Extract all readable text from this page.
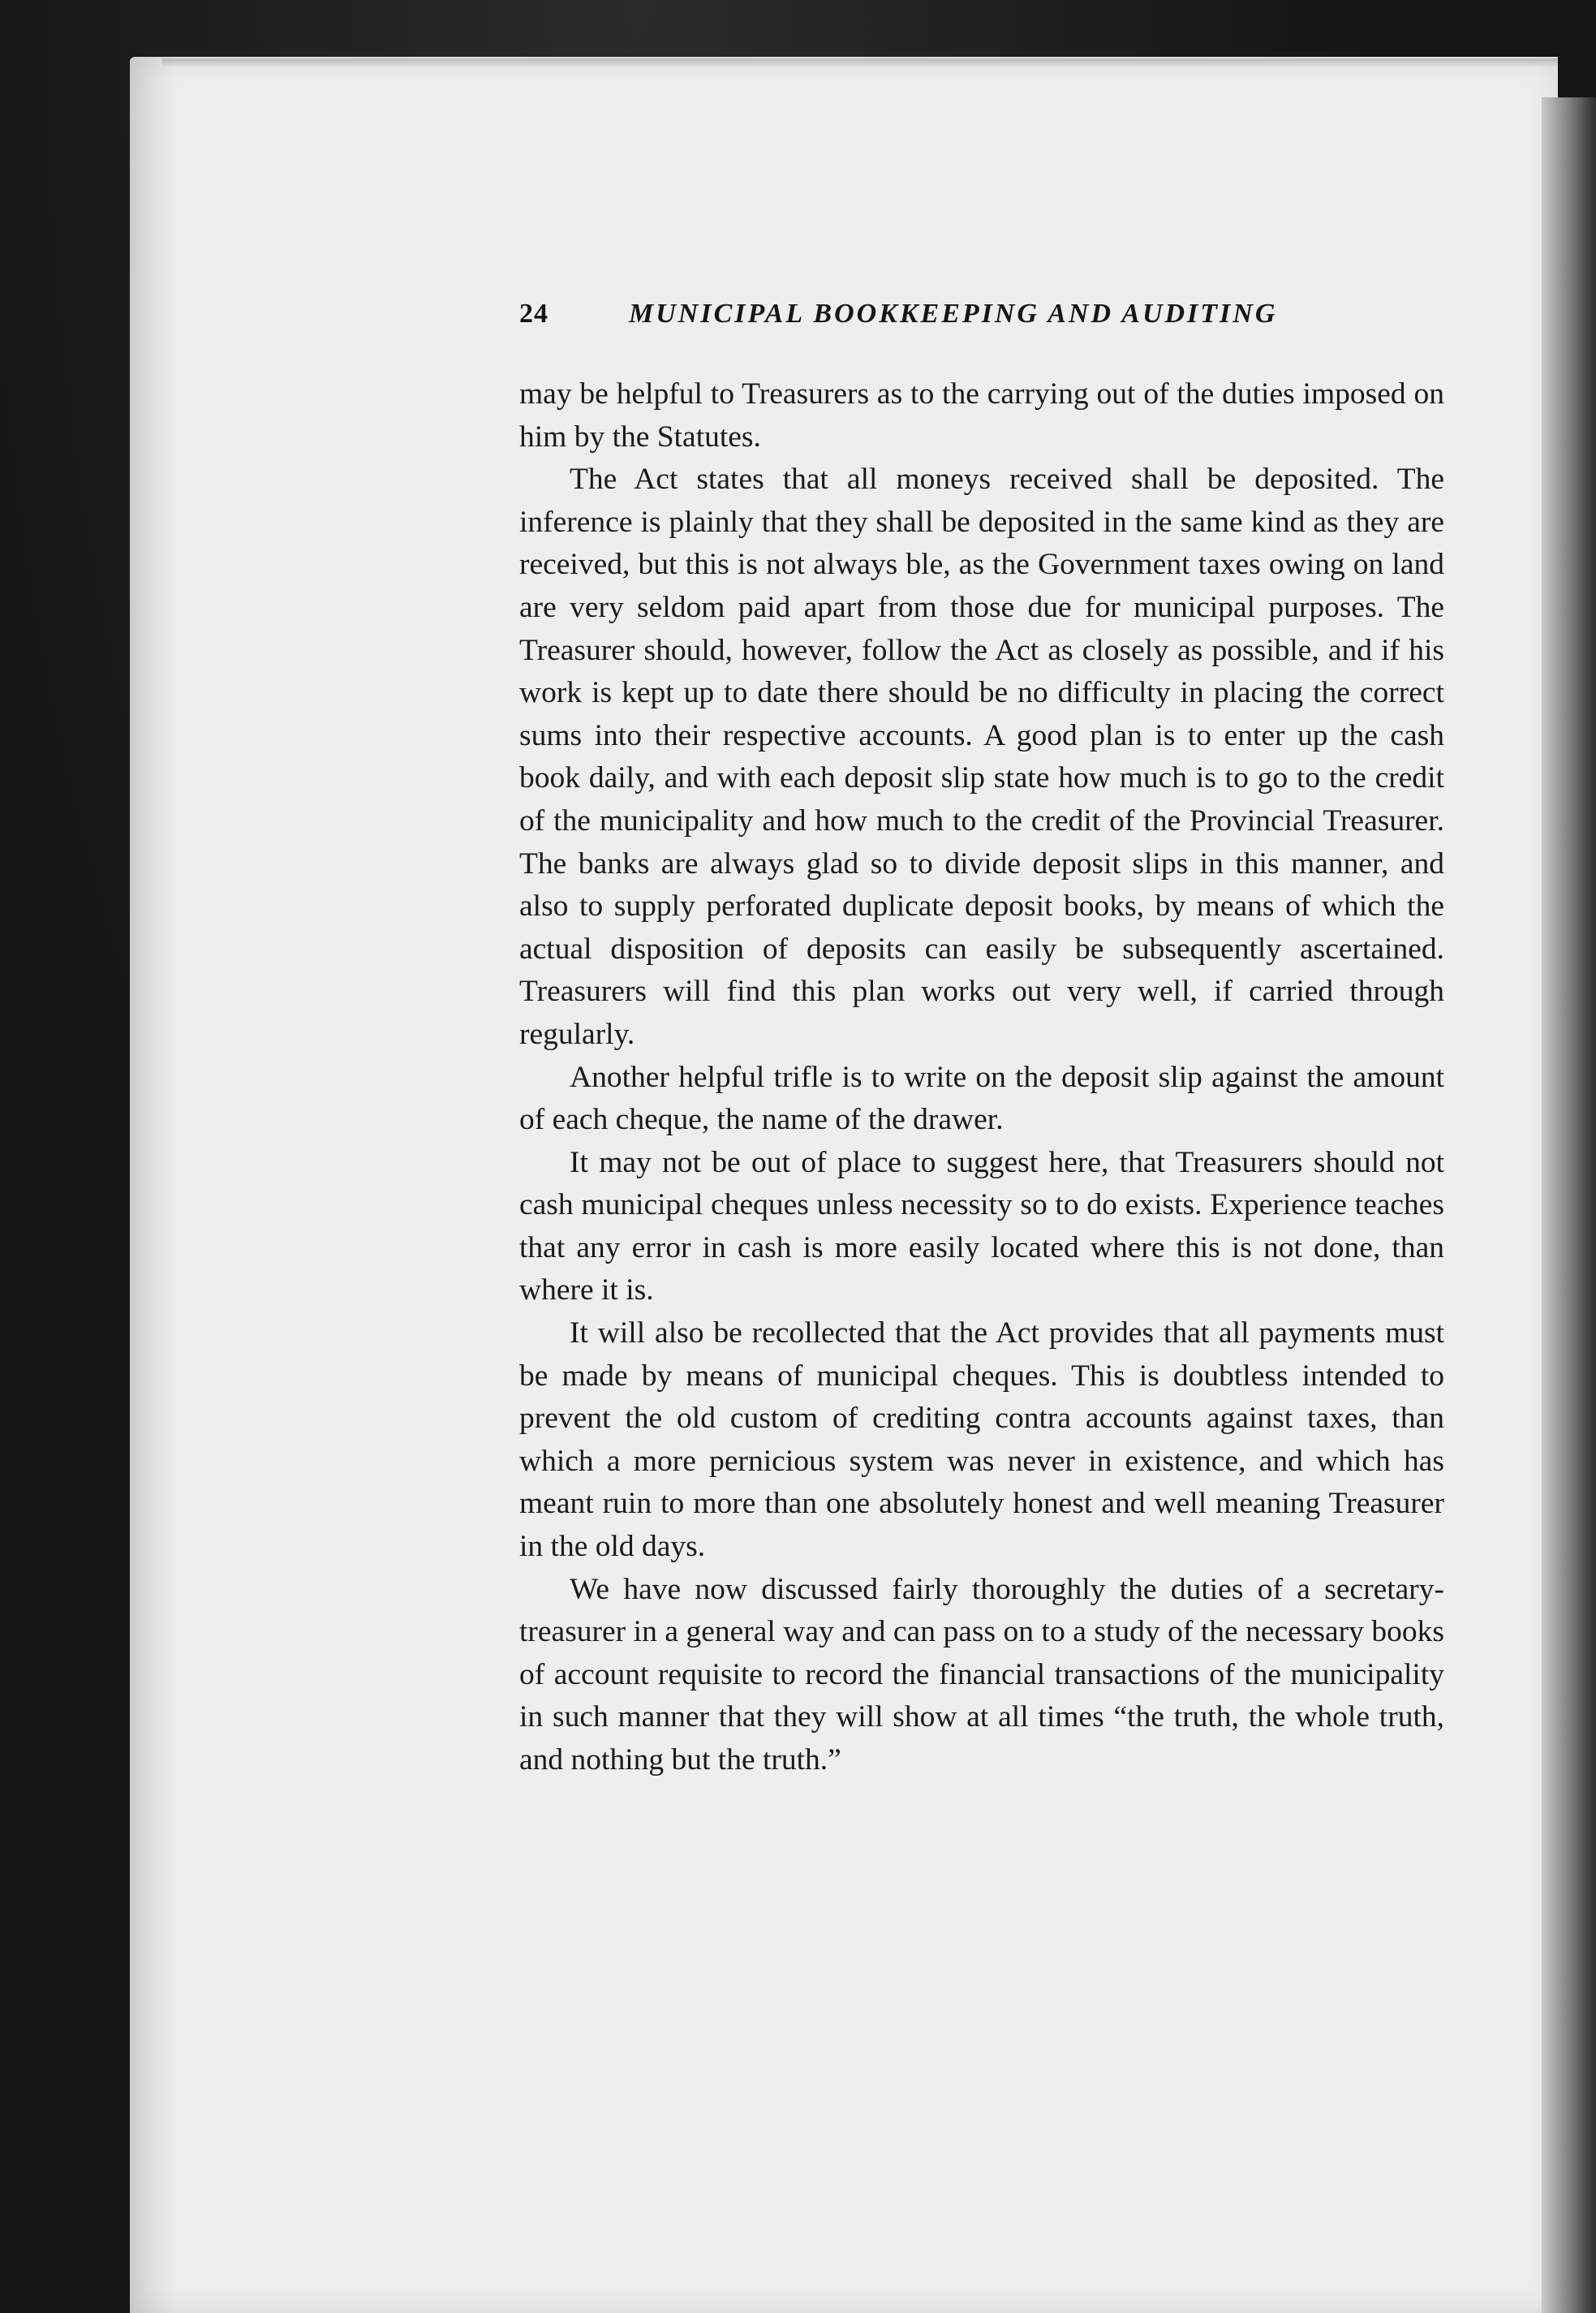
24	MUNICIPAL BOOKKEEPING AND AUDITING

may be helpful to Treasurers as to the carrying out of the duties imposed on him by the Statutes.

The Act states that all moneys received shall be deposited. The inference is plainly that they shall be deposited in the same kind as they are received, but this is not always ble, as the Government taxes owing on land are very seldom paid apart from those due for municipal purposes. The Treasurer should, however, follow the Act as closely as possible, and if his work is kept up to date there should be no difficulty in placing the correct sums into their respective accounts. A good plan is to enter up the cash book daily, and with each deposit slip state how much is to go to the credit of the municipality and how much to the credit of the Provincial Treasurer. The banks are always glad so to divide deposit slips in this manner, and also to supply perforated duplicate deposit books, by means of which the actual disposition of deposits can easily be subsequently ascertained. Treasurers will find this plan works out very well, if carried through regularly.

Another helpful trifle is to write on the deposit slip against the amount of each cheque, the name of the drawer.

It may not be out of place to suggest here, that Treasurers should not cash municipal cheques unless necessity so to do exists. Experience teaches that any error in cash is more easily located where this is not done, than where it is.

It will also be recollected that the Act provides that all payments must be made by means of municipal cheques. This is doubtless intended to prevent the old custom of crediting contra accounts against taxes, than which a more pernicious system was never in existence, and which has meant ruin to more than one absolutely honest and well meaning Treasurer in the old days.

We have now discussed fairly thoroughly the duties of a secretary-treasurer in a general way and can pass on to a study of the necessary books of account requisite to record the financial transactions of the municipality in such manner that they will show at all times “the truth, the whole truth, and nothing but the truth.”
